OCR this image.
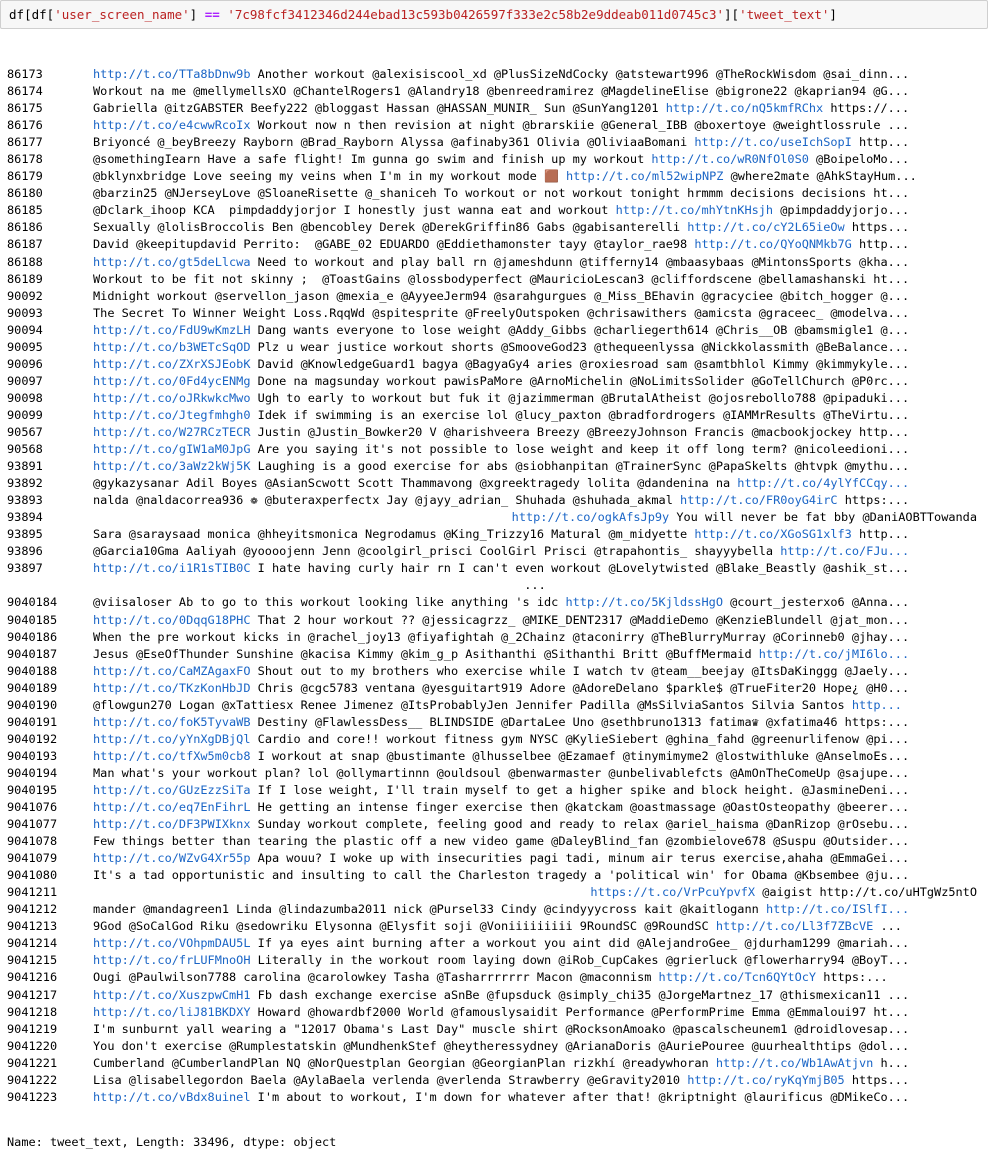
df[df['user_screen_name'] == '7c98fcf3412346d244ebad13c593b0426597f333e2c58b2e9ddeab011d0745c3']['tweet_text']

86173	http://t.co/TTa8bDnw9b Another workout @alexisiscool_xd @PlusSizeNdCocky @atstewart996 @TheRockWisdom @sai_dinn...
86174	Workout na me @mellymellsXO @ChantelRogers1 @Alandry18 @benreedramirez @MagdelineElise @bigrone22 @kaprian94 @G...
86175	Gabriella @itzGABSTER Beefy222 @bloggast Hassan @HASSAN_MUNIR_ Sun @SunYang1201 http://t.co/nQ5kmfRChx https://...
86176	http://t.co/e4cwwRcoIx Workout now n then revision at night @brarskiie @General_IBB @boxertoye @weightlossrule ...
86177	Briyoncé @_beyBreezy Rayborn @Brad_Rayborn Alyssa @afinaby361 Olivia @OliviaaBomani http://t.co/useIchSopI http...
86178	@somethingIearn Have a safe flight! Im gunna go swim and finish up my workout http://t.co/wR0NfOl0S0 @BoipeloMo...
86179	@bklynxbridge Love seeing my veins when I'm in my workout mode 🟫 http://t.co/ml52wipNPZ @where2mate @AhkStayHum...
86180	@barzin25 @NJerseyLove @SloaneRisette @_shaniceh To workout or not workout tonight hrmmm decisions decisions ht...
86185	@Dclark_ihoop KCA  pimpdaddyjorjor I honestly just wanna eat and workout http://t.co/mhYtnKHsjh @pimpdaddyjorjo...
86186	Sexually @lolisBroccolis Ben @bencobley Derek @DerekGriffin86 Gabs @gabisanterelli http://t.co/cY2L65ieOw https...
86187	David @keepitupdavid Perrito:  @GABE_02 EDUARDO @Eddiethamonster tayy @taylor_rae98 http://t.co/QYoQNMkb7G http...
86188	http://t.co/gt5deLlcwa Need to workout and play ball rn @jameshdunn @tifferny14 @mbaasybaas @MintonsSports @kha...
86189	Workout to be fit not skinny ;  @ToastGains @lossbodyperfect @MauricioLescan3 @cliffordscene @bellamashanski ht...
90092	Midnight workout @servellon_jason @mexia_e @AyyeeJerm94 @sarahgurgues @_Miss_BEhavin @gracyciee @bitch_hogger @...
90093	The Secret To Winner Weight Loss.RqqWd @spitesprite @FreelyOutspoken @chrisawithers @amicsta @graceec_ @modelva...
90094	http://t.co/FdU9wKmzLH Dang wants everyone to lose weight @Addy_Gibbs @charliegerth614 @Chris__OB @bamsmigle1 @...
90095	http://t.co/b3WETcSqOD Plz u wear justice workout shorts @SmooveGod23 @thequeenlyssa @Nickkolassmith @BeBalance...
90096	http://t.co/ZXrXSJEobK David @KnowledgeGuard1 bagya @BagyaGy4 aries @roxiesroad sam @samtbhlol Kimmy @kimmykyle...
90097	http://t.co/0Fd4ycENMg Done na magsunday workout pawisPaMore @ArnoMichelin @NoLimitsSolider @GoTellChurch @P0rc...
90098	http://t.co/oJRkwkcMwo Ugh to early to workout but fuk it @jazimmerman @BrutalAtheist @ojosrebollo788 @pipaduki...
90099	http://t.co/Jtegfmhgh0 Idek if swimming is an exercise lol @lucy_paxton @bradfordrogers @IAMMrResults @TheVirtu...
90567	http://t.co/W27RCzTECR Justin @Justin_Bowker20 V @harishveera Breezy @BreezyJohnson Francis @macbookjockey http...
90568	http://t.co/gIW1aM0JpG Are you saying it's not possible to lose weight and keep it off long term? @nicoleedioni...
93891	http://t.co/3aWz2kWj5K Laughing is a good exercise for abs @siobhanpitan @TrainerSync @PapaSkelts @htvpk @mythu...
93892	@gykazysanar Adil Boyes @AsianScwott Scott Thammavong @xgreektragedy lolita @dandenina na http://t.co/4ylYfCCqy...
93893	nalda @naldacorrea936 ❁ @buteraxperfectx Jay @jayy_adrian_ Shuhada @shuhada_akmal http://t.co/FR0oyG4irC https:...
93894	http://t.co/ogkAfsJp9y You will never be fat bby @DaniAOBTTowanda
93895	Sara @saraysaad monica @hheyitsmonica Negrodamus @King_Trizzy16 Matural @m_midyette http://t.co/XGoSG1xlf3 http...
93896	@Garcia10Gma Aaliyah @yoooojenn Jenn @coolgirl_prisci CoolGirl Prisci @trapahontis_ shayyybella http://t.co/FJu...
93897	http://t.co/i1R1sTIB0C I hate having curly hair rn I can't even workout @Lovelytwisted @Blake_Beastly @ashik_st...
...
9040184	@viisaloser Ab to go to this workout looking like anything 's idc http://t.co/5KjldssHgO @court_jesterxo6 @Anna...
9040185	http://t.co/0DqqG18PHC That 2 hour workout ?? @jessicagrzz_ @MIKE_DENT2317 @MaddieDemo @KenzieBlundell @jat_mon...
9040186	When the pre workout kicks in @rachel_joy13 @fiyafightah @_2Chainz @taconirry @TheBlurryMurray @Corinneb0 @jhay...
9040187	Jesus @EseOfThunder Sunshine @kacisa Kimmy @kim_g_p Asithanthi @Sithanthi Britt @BuffMermaid http://t.co/jMI6lo...
9040188	http://t.co/CaMZAgaxFO Shout out to my brothers who exercise while I watch tv @team__beejay @ItsDaKinggg @Jaely...
9040189	http://t.co/TKzKonHbJD Chris @cgc5783 ventana @yesguitart919 Adore @AdoreDelano $parkle$ @TrueFiter20 Hope¿ @H0...
9040190	@flowgun270 Logan @xTattiesx Renee Jimenez @ItsProbablyJen Jennifer Padilla @MsSilviaSantos Silvia Santos http...
9040191	http://t.co/foK5TyvaWB Destiny @FlawlessDess__ BLINDSIDE @DartaLee Uno @sethbruno1313 fatima♛ @xfatima46 https:...
9040192	http://t.co/yYnXgDBjQl Cardio and core!! workout fitness gym NYSC @KylieSiebert @ghina_fahd @greenurlifenow @pi...
9040193	http://t.co/tfXw5m0cb8 I workout at snap @bustimante @lhusselbee @Ezamaef @tinymimyme2 @lostwithluke @AnselmoEs...
9040194	Man what's your workout plan? lol @ollymartinnn @ouldsoul @benwarmaster @unbelivablefcts @AmOnTheComeUp @sajupe...
9040195	http://t.co/GUzEzzSiTa If I lose weight, I'll train myself to get a higher spike and block height. @JasmineDeni...
9041076	http://t.co/eq7EnFihrL He getting an intense finger exercise then @katckam @oastmassage @OastOsteopathy @beerer...
9041077	http://t.co/DF3PWIXknx Sunday workout complete, feeling good and ready to relax @ariel_haisma @DanRizop @rOsebu...
9041078	Few things better than tearing the plastic off a new video game @DaleyBlind_fan @zombielove678 @Suspu @Outsider...
9041079	http://t.co/WZvG4Xr55p Apa wouu? I woke up with insecurities pagi tadi, minum air terus exercise,ahaha @EmmaGei...
9041080	It's a tad opportunistic and insulting to call the Charleston tragedy a 'political win' for Obama @Kbsembee @ju...
9041211	https://t.co/VrPcuYpvfX @aigist http://t.co/uHTgWz5ntO
9041212	mander @mandagreen1 Linda @lindazumba2011 nick @Pursel33 Cindy @cindyyycross kait @kaitlogann http://t.co/ISlfI...
9041213	9God @SoCalGod Riku @sedowriku Elysonna @Elysfit soji @Voniiiiiiiii 9RoundSC @9RoundSC http://t.co/Ll3f7ZBcVE ...
9041214	http://t.co/VOhpmDAU5L If ya eyes aint burning after a workout you aint did @AlejandroGee_ @jdurham1299 @mariah...
9041215	http://t.co/frLUFMnoOH Literally in the workout room laying down @iRob_CupCakes @grierluck @flowerharry94 @BoyT...
9041216	Ougi @Paulwilson7788 carolina @carolowkey Tasha @Tasharrrrrrr Macon @maconnism http://t.co/Tcn6QYtOcY https:...
9041217	http://t.co/XuszpwCmH1 Fb dash exchange exercise aSnBe @fupsduck @simply_chi35 @JorgeMartnez_17 @thismexican11 ...
9041218	http://t.co/liJ81BKDXY Howard @howardbf2000 World @famouslysaidit Performance @PerformPrime Emma @Emmaloui97 ht...
9041219	I'm sunburnt yall wearing a "12017 Obama's Last Day" muscle shirt @RocksonAmoako @pascalscheunem1 @droidlovesap...
9041220	You don't exercise @Rumplestatskin @MundhenkStef @heytheressydney @ArianaDoris @AuriePouree @uurhealthtips @dol...
9041221	Cumberland @CumberlandPlan NQ @NorQuestplan Georgian @GeorgianPlan rizkhí @readywhoran http://t.co/Wb1AwAtjvn h...
9041222	Lisa @lisabellegordon Baela @AylaBaela verlenda @verlenda Strawberry @eGravity2010 http://t.co/ryKqYmjB05 https...
9041223	http://t.co/vBdx8uinel I'm about to workout, I'm down for whatever after that! @kriptnight @laurificus @DMikeCo...

Name: tweet_text, Length: 33496, dtype: object
